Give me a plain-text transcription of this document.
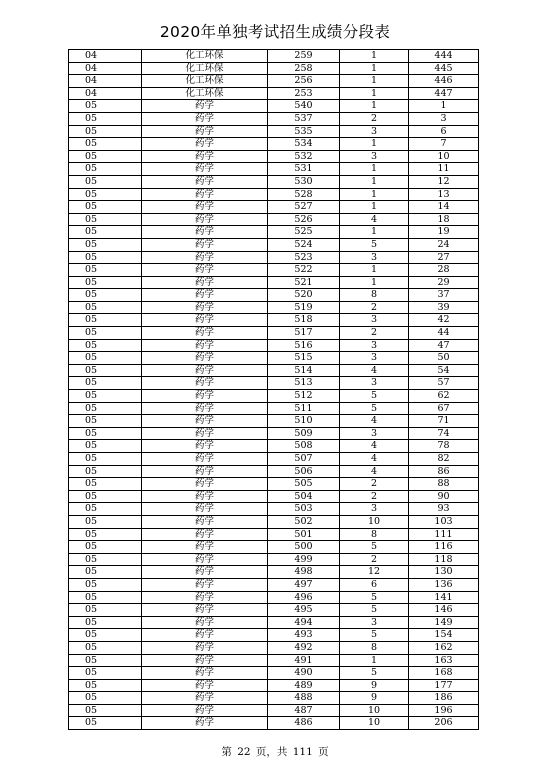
2020年单独考试招生成绩分段表
04	化工环保	259	1	444
04	化工环保	258	1	445
04	化工环保	256	1	446
04	化工环保	253	1	447
05	药学	540	1	1
05	药学	537	2	3
05	药学	535	3	6
05	药学	534	1	7
05	药学	532	3	10
05	药学	531	1	11
05	药学	530	1	12
05	药学	528	1	13
05	药学	527	1	14
05	药学	526	4	18
05	药学	525	1	19
05	药学	524	5	24
05	药学	523	3	27
05	药学	522	1	28
05	药学	521	1	29
05	药学	520	8	37
05	药学	519	2	39
05	药学	518	3	42
05	药学	517	2	44
05	药学	516	3	47
05	药学	515	3	50
05	药学	514	4	54
05	药学	513	3	57
05	药学	512	5	62
05	药学	511	5	67
05	药学	510	4	71
05	药学	509	3	74
05	药学	508	4	78
05	药学	507	4	82
05	药学	506	4	86
05	药学	505	2	88
05	药学	504	2	90
05	药学	503	3	93
05	药学	502	10	103
05	药学	501	8	111
05	药学	500	5	116
05	药学	499	2	118
05	药学	498	12	130
05	药学	497	6	136
05	药学	496	5	141
05	药学	495	5	146
05	药学	494	3	149
05	药学	493	5	154
05	药学	492	8	162
05	药学	491	1	163
05	药学	490	5	168
05	药学	489	9	177
05	药学	488	9	186
05	药学	487	10	196
05	药学	486	10	206
第 22 页，共 111 页
